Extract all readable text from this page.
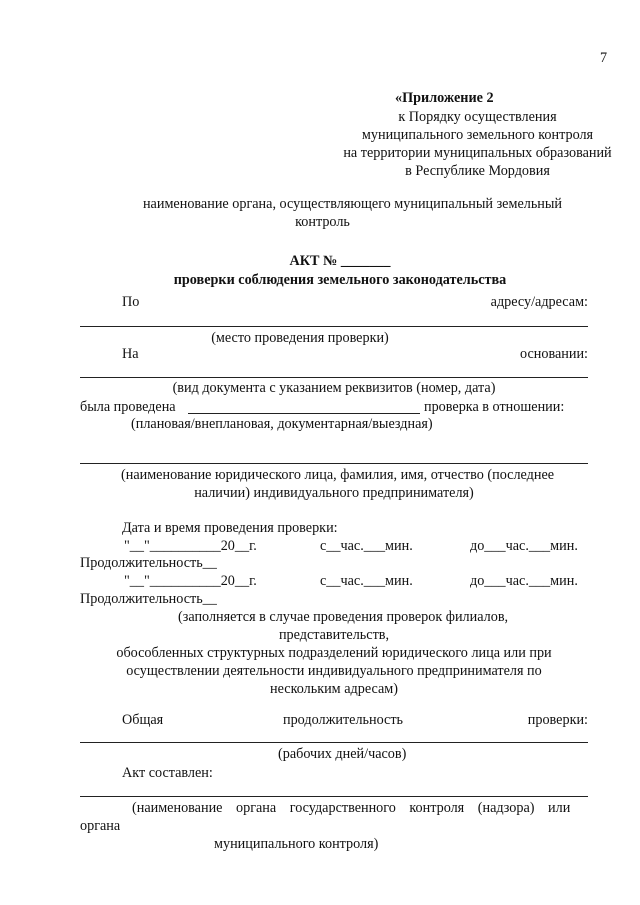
7
«Приложение 2
к Порядку осуществления
муниципального земельного контроля
на территории муниципальных образований
в Республике Мордовия
наименование органа, осуществляющего муниципальный земельный
контроль
АКТ № _______
проверки соблюдения земельного законодательства
По	адресу/адресам:
(место проведения проверки)
На	основании:
(вид документа с указанием реквизитов (номер, дата)
была проведена	проверка в отношении:
(плановая/внеплановая, документарная/выездная)
(наименование юридического лица, фамилия, имя, отчество (последнее
наличии) индивидуального предпринимателя)
Дата и время проведения проверки:
"__"__________20__г.	с__час.___мин.	до___час.___мин.
Продолжительность__
"__"__________20__г.	с__час.___мин.	до___час.___мин.
Продолжительность__
(заполняется в случае проведения проверок филиалов,
представительств,
обособленных структурных подразделений юридического лица или при
осуществлении деятельности индивидуального предпринимателя по
нескольким адресам)
Общая	продолжительность	проверки:
(рабочих дней/часов)
Акт составлен:
(наименование органа государственного контроля (надзора) или
органа
муниципального контроля)
